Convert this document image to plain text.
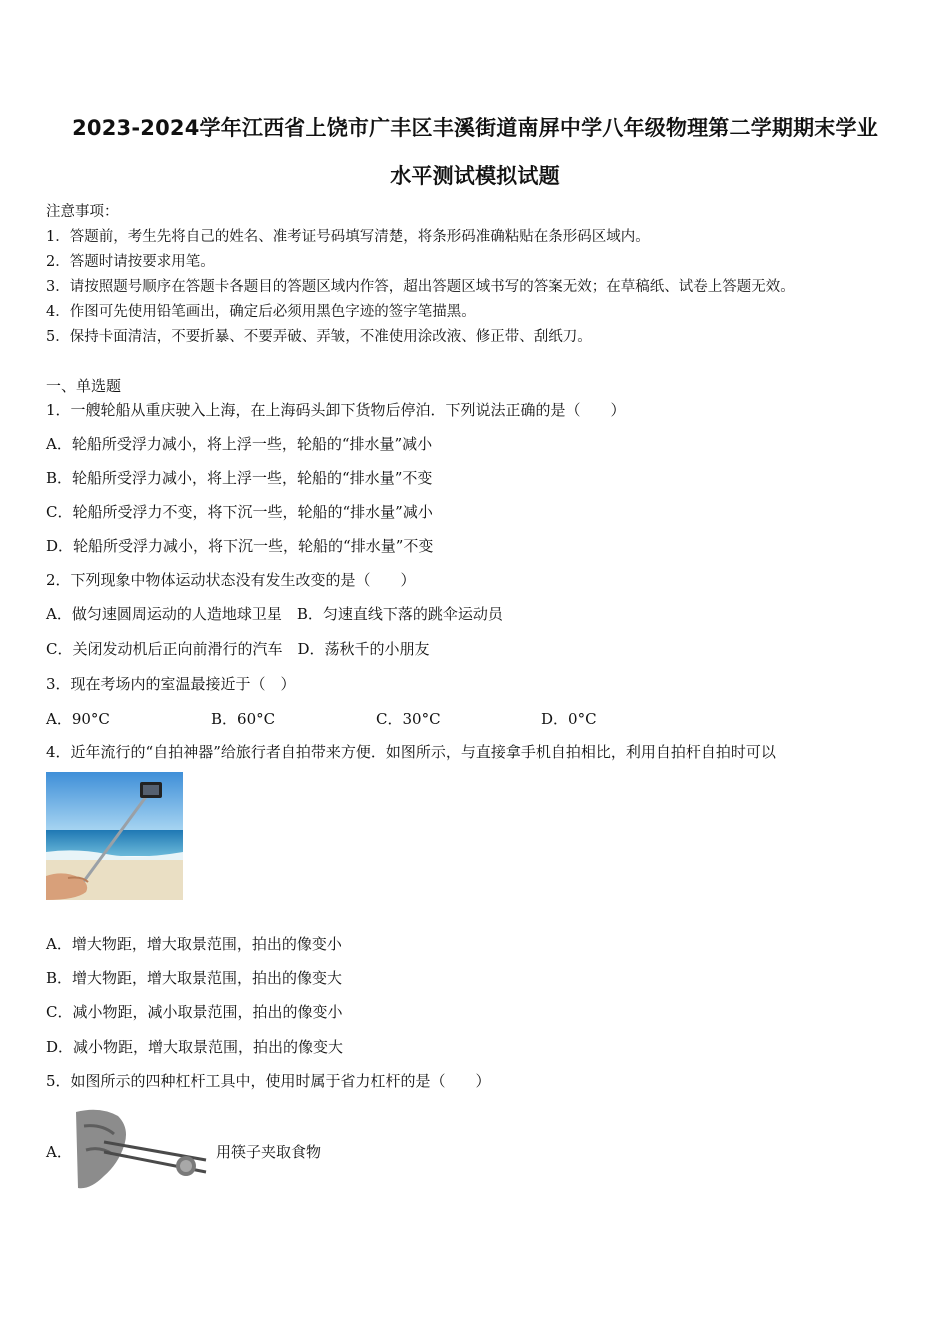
2023-2024学年江西省上饶市广丰区丰溪街道南屏中学八年级物理第二学期期末学业
水平测试模拟试题
注意事项：
1．答题前，考生先将自己的姓名、准考证号码填写清楚，将条形码准确粘贴在条形码区域内。
2．答题时请按要求用笔。
3．请按照题号顺序在答题卡各题目的答题区域内作答，超出答题区域书写的答案无效；在草稿纸、试卷上答题无效。
4．作图可先使用铅笔画出，确定后必须用黑色字迹的签字笔描黑。
5．保持卡面清洁，不要折暴、不要弄破、弄皱，不准使用涂改液、修正带、刮纸刀。
一、单选题
1．一艘轮船从重庆驶入上海，在上海码头卸下货物后停泊．下列说法正确的是（　　）
A．轮船所受浮力减小，将上浮一些，轮船的“排水量”减小
B．轮船所受浮力减小，将上浮一些，轮船的“排水量”不变
C．轮船所受浮力不变，将下沉一些，轮船的“排水量”减小
D．轮船所受浮力减小，将下沉一些，轮船的“排水量”不变
2．下列现象中物体运动状态没有发生改变的是（　　）
A．做匀速圆周运动的人造地球卫星　B．匀速直线下落的跳伞运动员
C．关闭发动机后正向前滑行的汽车　D．荡秋千的小朋友
3．现在考场内的室温最接近于（　）
A．90°C	B．60°C	C．30°C	D．0°C
4．近年流行的“自拍神器”给旅行者自拍带来方便．如图所示，与直接拿手机自拍相比，利用自拍杆自拍时可以
A．增大物距，增大取景范围，拍出的像变小
B．增大物距，增大取景范围，拍出的像变大
C．减小物距，减小取景范围，拍出的像变小
D．减小物距，增大取景范围，拍出的像变大
5．如图所示的四种杠杆工具中，使用时属于省力杠杆的是（　　）
A．	用筷子夹取食物
